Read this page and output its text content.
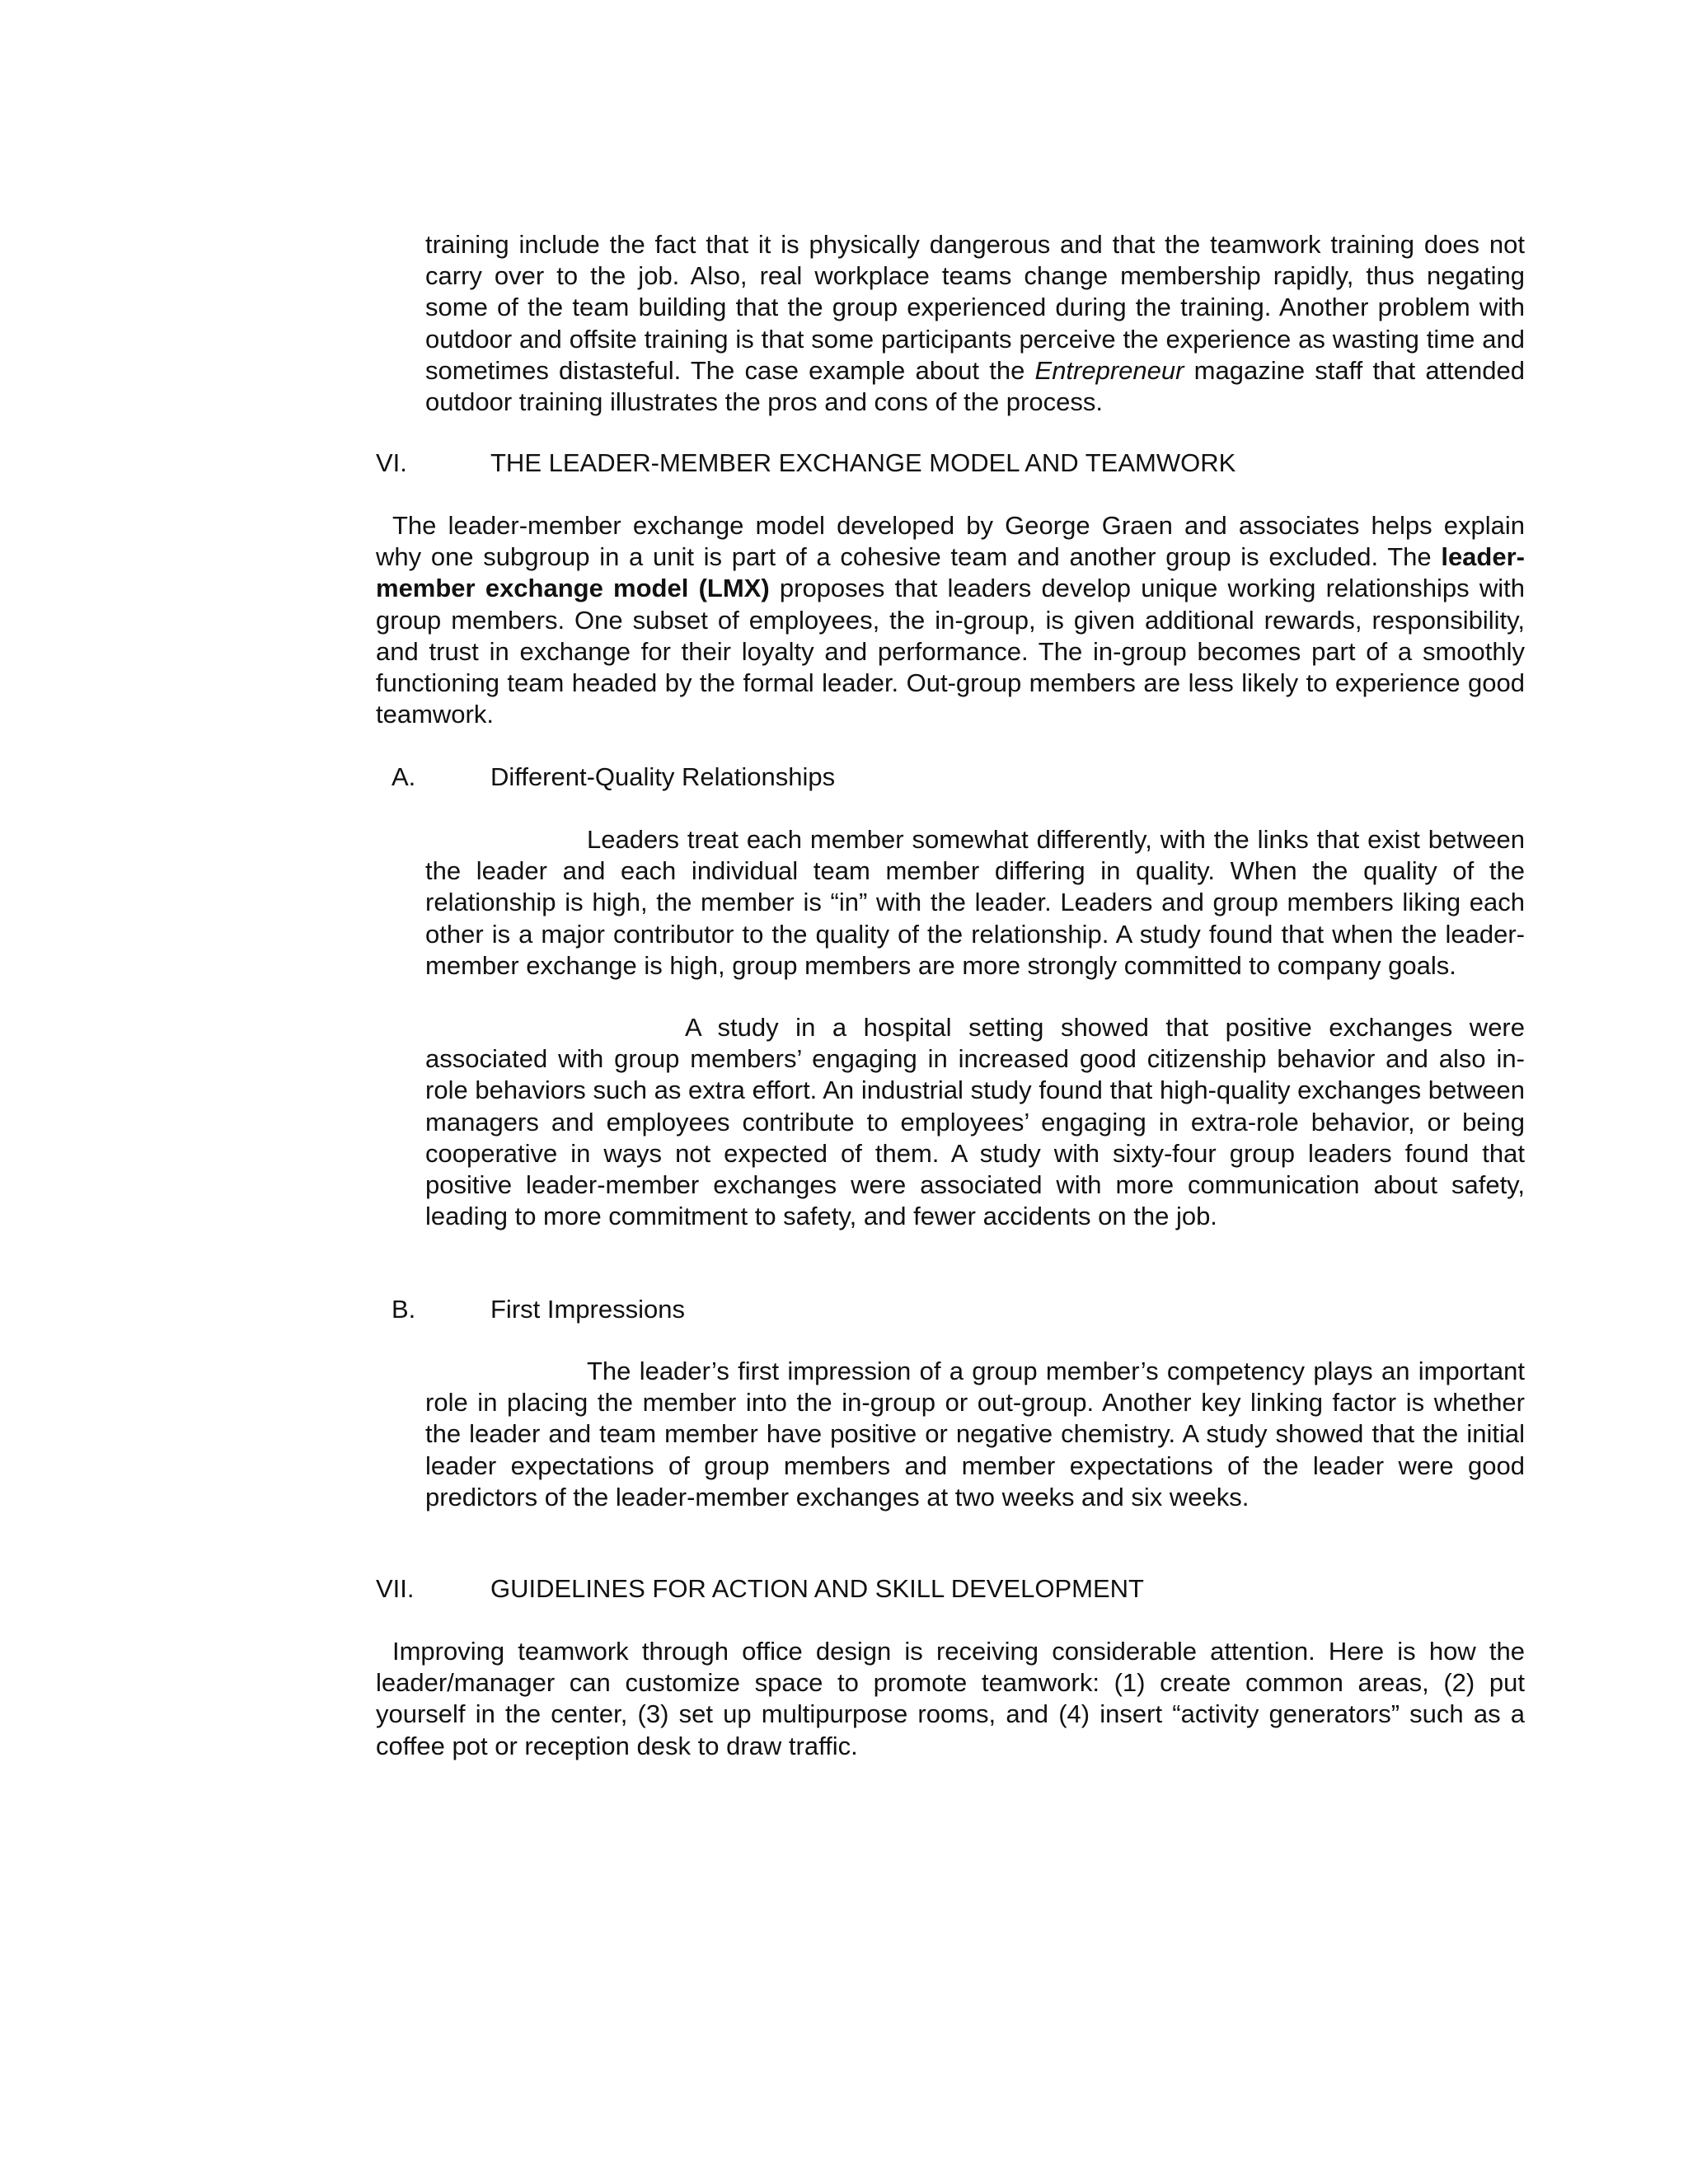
training include the fact that it is physically dangerous and that the teamwork training does not carry over to the job. Also, real workplace teams change membership rapidly, thus negating some of the team building that the group experienced during the training. Another problem with outdoor and offsite training is that some participants perceive the experience as wasting time and sometimes distasteful. The case example about the Entrepreneur magazine staff that attended outdoor training illustrates the pros and cons of the process.

VI.	THE LEADER-MEMBER EXCHANGE MODEL AND TEAMWORK

The leader-member exchange model developed by George Graen and associates helps explain why one subgroup in a unit is part of a cohesive team and another group is excluded. The leader-member exchange model (LMX) proposes that leaders develop unique working relationships with group members. One subset of employees, the in-group, is given additional rewards, responsibility, and trust in exchange for their loyalty and performance. The in-group becomes part of a smoothly functioning team headed by the formal leader. Out-group members are less likely to experience good teamwork.

A.	Different-Quality Relationships

Leaders treat each member somewhat differently, with the links that exist between the leader and each individual team member differing in quality. When the quality of the relationship is high, the member is “in” with the leader. Leaders and group members liking each other is a major contributor to the quality of the relationship. A study found that when the leader-member exchange is high, group members are more strongly committed to company goals.

A study in a hospital setting showed that positive exchanges were associated with group members’ engaging in increased good citizenship behavior and also in-role behaviors such as extra effort. An industrial study found that high-quality exchanges between managers and employees contribute to employees’ engaging in extra-role behavior, or being cooperative in ways not expected of them. A study with sixty-four group leaders found that positive leader-member exchanges were associated with more communication about safety, leading to more commitment to safety, and fewer accidents on the job.

B.	First Impressions

The leader’s first impression of a group member’s competency plays an important role in placing the member into the in-group or out-group. Another key linking factor is whether the leader and team member have positive or negative chemistry. A study showed that the initial leader expectations of group members and member expectations of the leader were good predictors of the leader-member exchanges at two weeks and six weeks.

VII.	GUIDELINES FOR ACTION AND SKILL DEVELOPMENT

Improving teamwork through office design is receiving considerable attention. Here is how the leader/manager can customize space to promote teamwork: (1) create common areas, (2) put yourself in the center, (3) set up multipurpose rooms, and (4) insert “activity generators” such as a coffee pot or reception desk to draw traffic.
